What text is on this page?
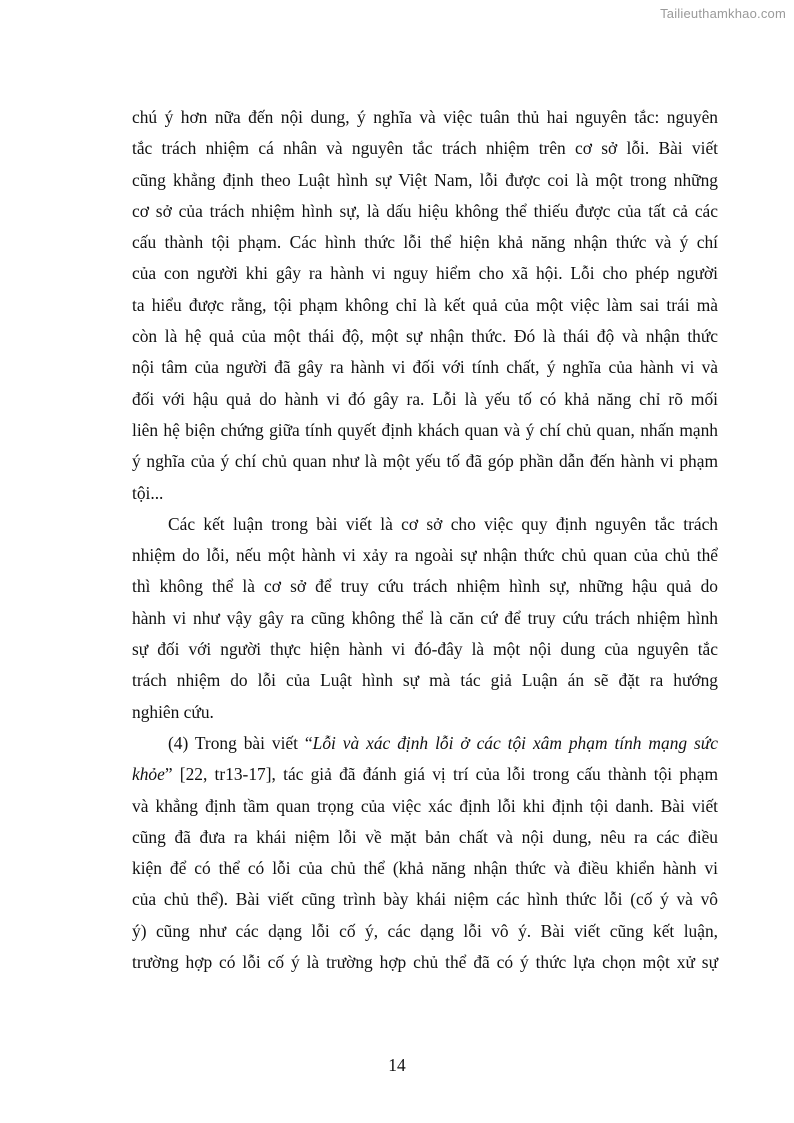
Tailieuthamkhao.com
chú ý hơn nữa đến nội dung, ý nghĩa và việc tuân thủ hai nguyên tắc: nguyên
tắc trách nhiệm cá nhân và nguyên tắc trách nhiệm trên cơ sở lỗi. Bài viết
cũng khẳng định theo Luật hình sự Việt Nam, lỗi được coi là một trong những
cơ sở của trách nhiệm hình sự, là dấu hiệu không thể thiếu được của tất cả các
cấu thành tội phạm. Các hình thức lỗi thể hiện khả năng nhận thức và ý chí
của con người khi gây ra hành vi nguy hiểm cho xã hội. Lỗi cho phép người
ta hiểu được rằng, tội phạm không chỉ là kết quả của một việc làm sai trái mà
còn là hệ quả của một thái độ, một sự nhận thức. Đó là thái độ và nhận thức
nội tâm của người đã gây ra hành vi đối với tính chất, ý nghĩa của hành vi và
đối với hậu quả do hành vi đó gây ra. Lỗi là yếu tố có khả năng chỉ rõ mối
liên hệ biện chứng giữa tính quyết định khách quan và ý chí chủ quan, nhấn mạnh
ý nghĩa của ý chí chủ quan như là một yếu tố đã góp phần dẫn đến hành vi phạm
tội...
Các kết luận trong bài viết là cơ sở cho việc quy định nguyên tắc trách
nhiệm do lỗi, nếu một hành vi xảy ra ngoài sự nhận thức chủ quan của chủ thể
thì không thể là cơ sở để truy cứu trách nhiệm hình sự, những hậu quả do
hành vi như vậy gây ra cũng không thể là căn cứ để truy cứu trách nhiệm hình
sự đối với người thực hiện hành vi đó-đây là một nội dung của nguyên tắc
trách nhiệm do lỗi của Luật hình sự mà tác giả Luận án sẽ đặt ra hướng
nghiên cứu.
(4) Trong bài viết “Lỗi và xác định lỗi ở các tội xâm phạm tính mạng sức
khỏe” [22, tr13-17], tác giả đã đánh giá vị trí của lỗi trong cấu thành tội phạm
và khẳng định tầm quan trọng của việc xác định lỗi khi định tội danh. Bài viết
cũng đã đưa ra khái niệm lỗi về mặt bản chất và nội dung, nêu ra các điều
kiện để có thể có lỗi của chủ thể (khả năng nhận thức và điều khiển hành vi
của chủ thể). Bài viết cũng trình bày khái niệm các hình thức lỗi (cố ý và vô
ý) cũng như các dạng lỗi cố ý, các dạng lỗi vô ý. Bài viết cũng kết luận,
trường hợp có lỗi cố ý là trường hợp chủ thể đã có ý thức lựa chọn một xử sự
14
